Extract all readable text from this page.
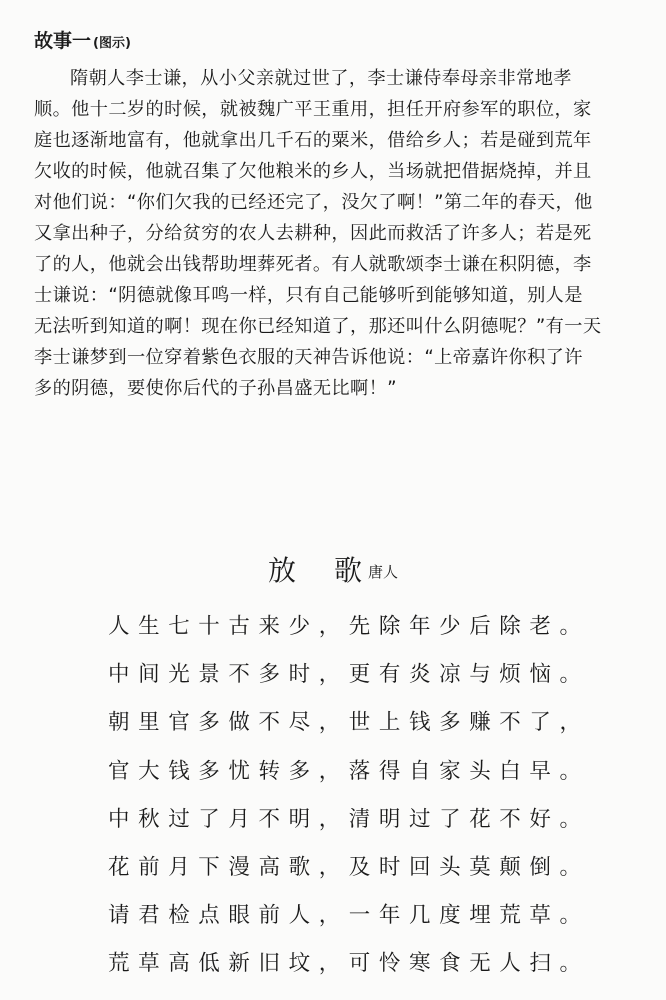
故事一 (图示)
隋朝人李士谦，从小父亲就过世了，李士谦侍奉母亲非常地孝
顺。他十二岁的时候，就被魏广平王重用，担任开府参军的职位，家
庭也逐渐地富有，他就拿出几千石的粟米，借给乡人；若是碰到荒年
欠收的时候，他就召集了欠他粮米的乡人，当场就把借据烧掉，并且
对他们说：“你们欠我的已经还完了，没欠了啊！”第二年的春天，他
又拿出种子，分给贫穷的农人去耕种，因此而救活了许多人；若是死
了的人，他就会出钱帮助埋葬死者。有人就歌颂李士谦在积阴德，李
士谦说：“阴德就像耳鸣一样，只有自己能够听到能够知道，别人是
无法听到知道的啊！现在你已经知道了，那还叫什么阴德呢？”有一天
李士谦梦到一位穿着紫色衣服的天神告诉他说：“上帝嘉许你积了许
多的阴德，要使你后代的子孙昌盛无比啊！”
放 歌 唐人
人生七十古来少，先除年少后除老。
中间光景不多时，更有炎凉与烦恼。
朝里官多做不尽，世上钱多赚不了，
官大钱多忧转多，落得自家头白早。
中秋过了月不明，清明过了花不好。
花前月下漫高歌，及时回头莫颠倒。
请君检点眼前人，一年几度埋荒草。
荒草高低新旧坟，可怜寒食无人扫。
